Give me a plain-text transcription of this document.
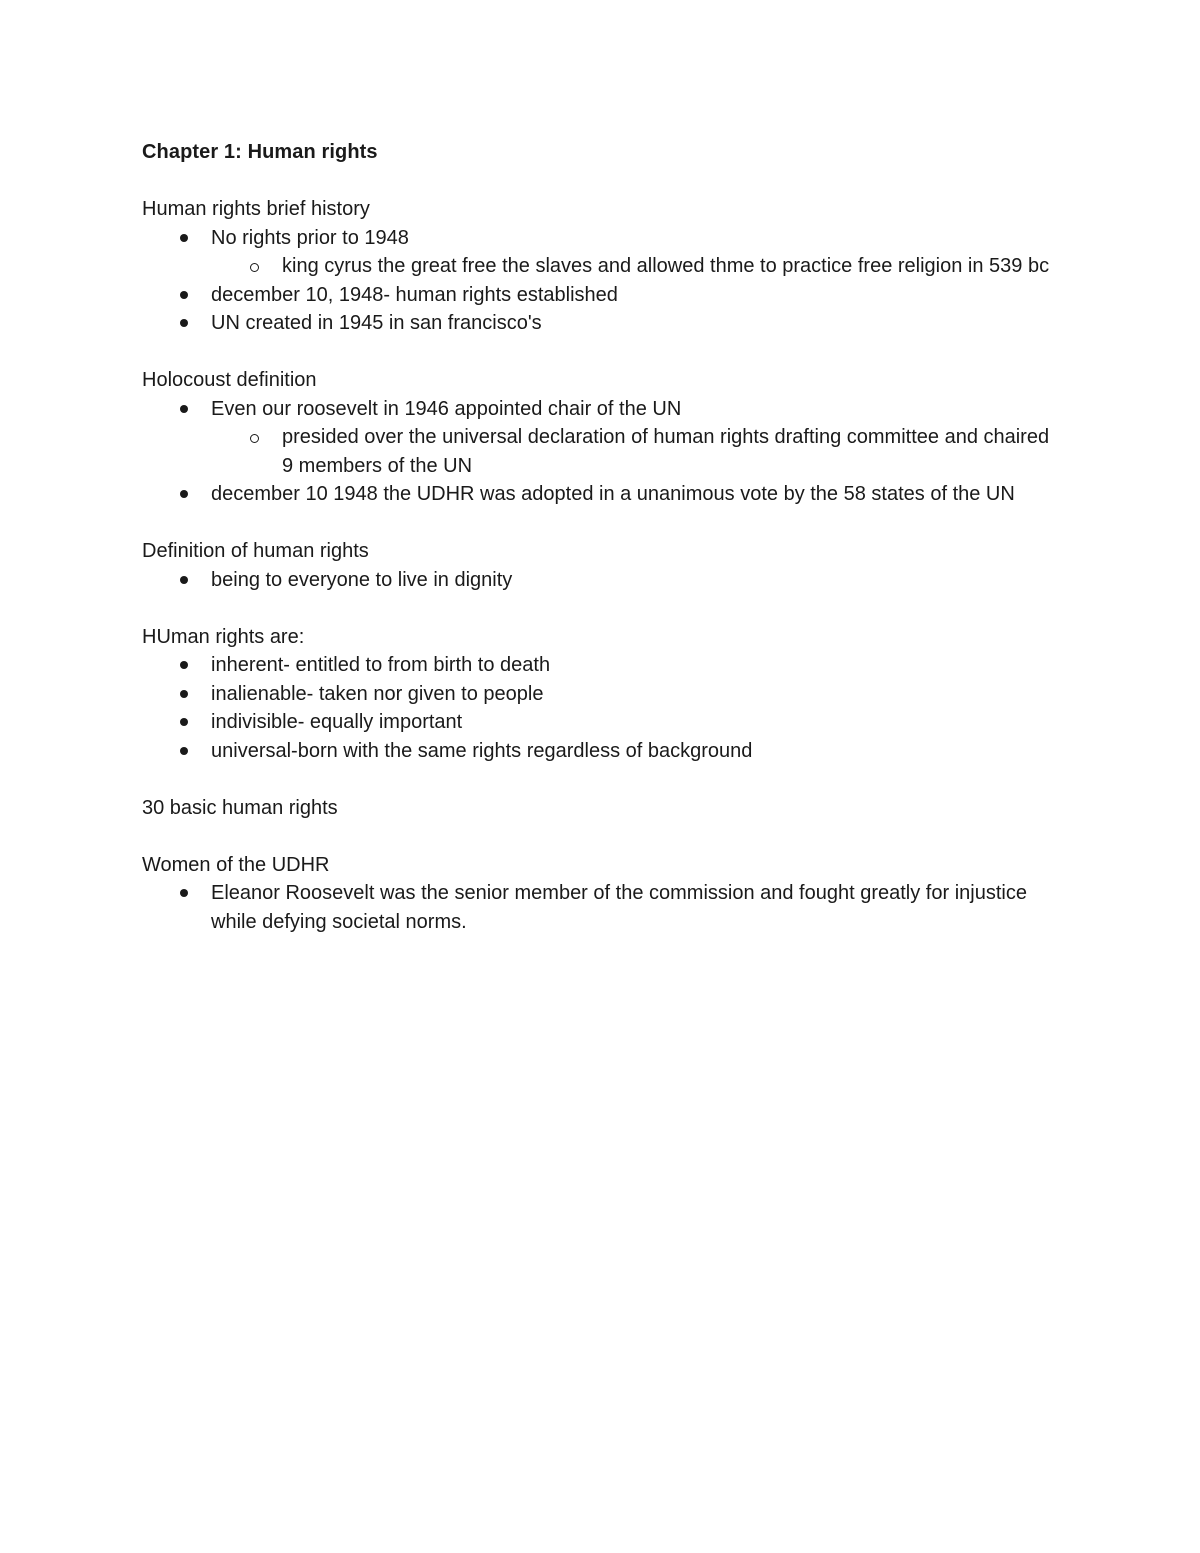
Chapter 1: Human rights

Human rights brief history

No rights prior to 1948
king cyrus the great free the slaves and allowed thme to practice free religion in 539 bc
december 10, 1948- human rights established
UN created in 1945 in san francisco's

Holocoust definition

Even our roosevelt in 1946 appointed chair of the UN
presided over the universal declaration of human rights drafting committee and chaired 9 members of the UN
december 10 1948 the UDHR was adopted in a unanimous vote by the 58 states of the UN

Definition of human rights

being to everyone to live in dignity

HUman rights are:

inherent- entitled to from birth to death
inalienable- taken nor given to people
indivisible- equally important
universal-born with the same rights regardless of background

30 basic human rights

Women of the UDHR

Eleanor Roosevelt was the senior member of the commission and fought greatly for injustice while defying societal norms.
